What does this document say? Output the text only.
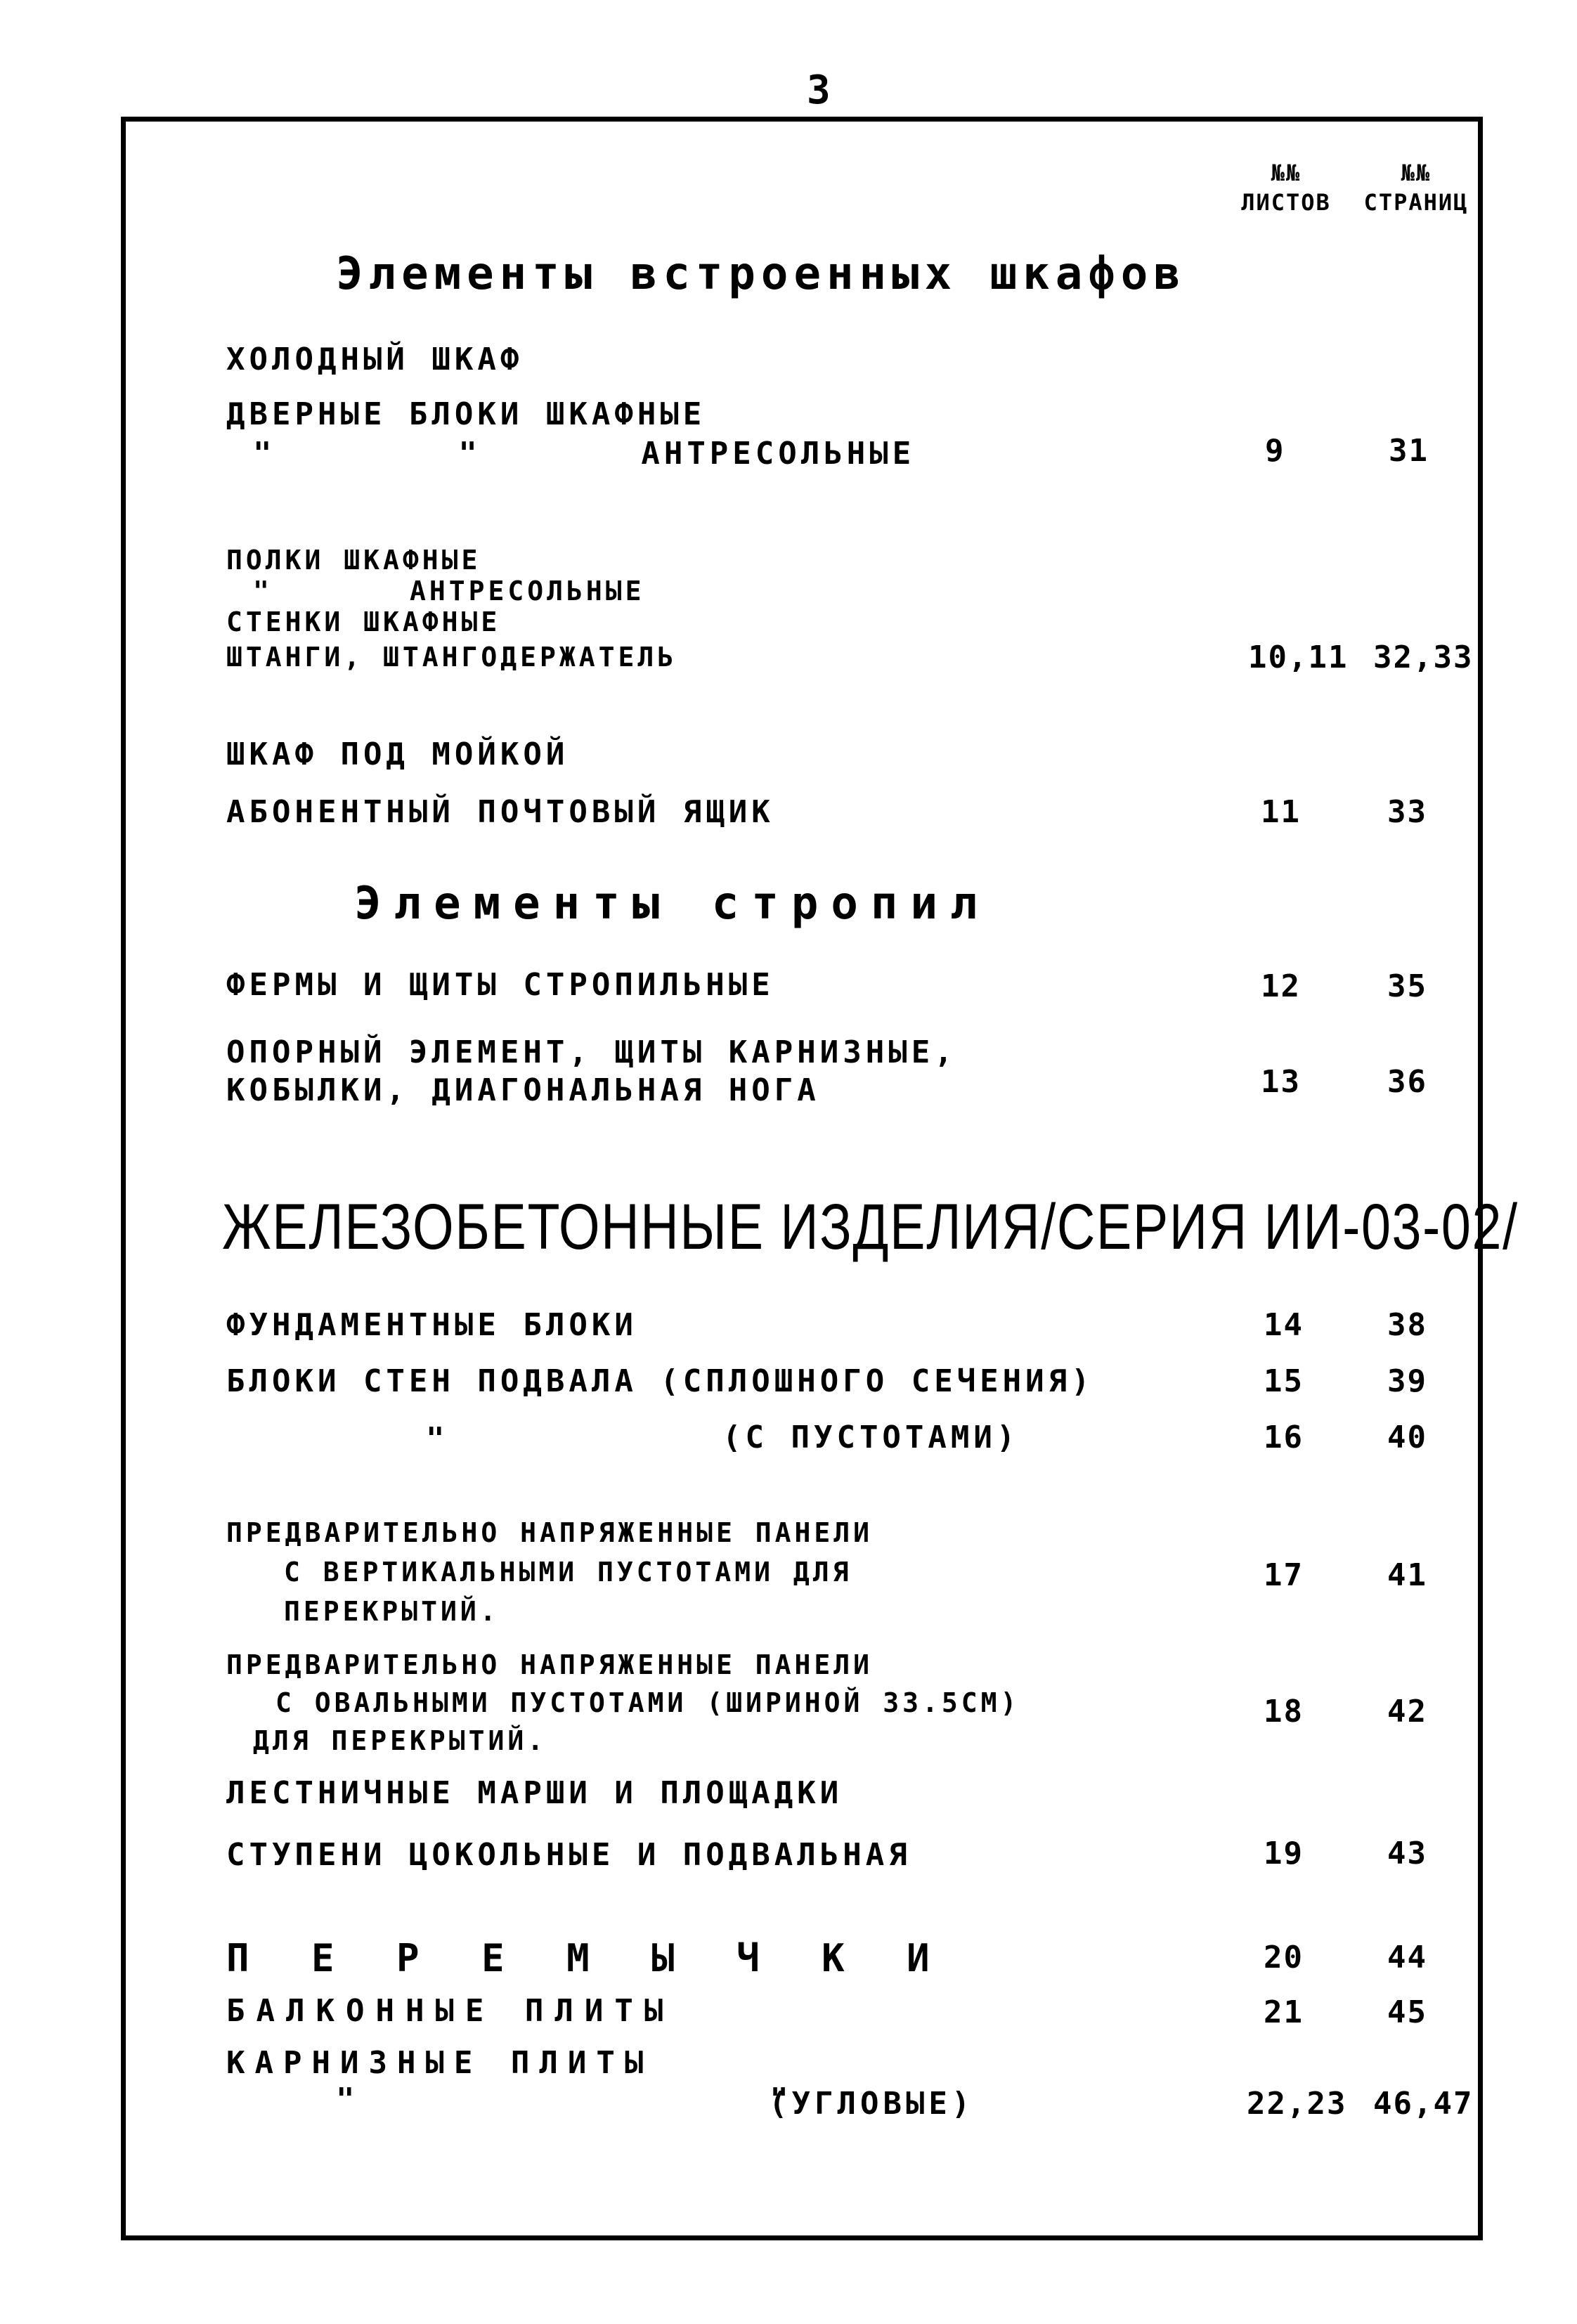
3
№№ ЛИСТОВ
№№ СТРАНИЦ
Элементы встроенных шкафов
ХОЛОДНЫЙ ШКАФ
ДВЕРНЫЕ БЛОКИ ШКАФНЫЕ
"        "       АНТРЕСОЛЬНЫЕ	9	31
ПОЛКИ ШКАФНЫЕ
"       АНТРЕСОЛЬНЫЕ
СТЕНКИ ШКАФНЫЕ
ШТАНГИ, ШТАНГОДЕРЖАТЕЛЬ	10,11 32,33
ШКАФ ПОД МОЙКОЙ
АБОНЕНТНЫЙ ПОЧТОВЫЙ ЯЩИК	11	33
Элементы стропил
ФЕРМЫ И ЩИТЫ СТРОПИЛЬНЫЕ	12	35
ОПОРНЫЙ ЭЛЕМЕНТ, ЩИТЫ КАРНИЗНЫЕ,
КОБЫЛКИ, ДИАГОНАЛЬНАЯ НОГА	13	36
ЖЕЛЕЗОБЕТОННЫЕ ИЗДЕЛИЯ/СЕРИЯ ИИ-03-02/
ФУНДАМЕНТНЫЕ БЛОКИ	14	38
БЛОКИ СТЕН ПОДВАЛА (СПЛОШНОГО СЕЧЕНИЯ)	15	39
"	(С ПУСТОТАМИ)	16	40
ПРЕДВАРИТЕЛЬНО НАПРЯЖЕННЫЕ ПАНЕЛИ
С ВЕРТИКАЛЬНЫМИ ПУСТОТАМИ ДЛЯ
ПЕРЕКРЫТИЙ.
17	41
ПРЕДВАРИТЕЛЬНО НАПРЯЖЕННЫЕ ПАНЕЛИ
С ОВАЛЬНЫМИ ПУСТОТАМИ (ШИРИНОЙ 33.5СМ)
ДЛЯ ПЕРЕКРЫТИЙ.
18	42
ЛЕСТНИЧНЫЕ МАРШИ И ПЛОЩАДКИ
СТУПЕНИ ЦОКОЛЬНЫЕ И ПОДВАЛЬНАЯ	19	43
П Е Р Е М Ы Ч К И	20	44
БАЛКОННЫЕ ПЛИТЫ	21	45
КАРНИЗНЫЕ ПЛИТЫ
"                  "
(УГЛОВЫЕ)	22,23 46,47
